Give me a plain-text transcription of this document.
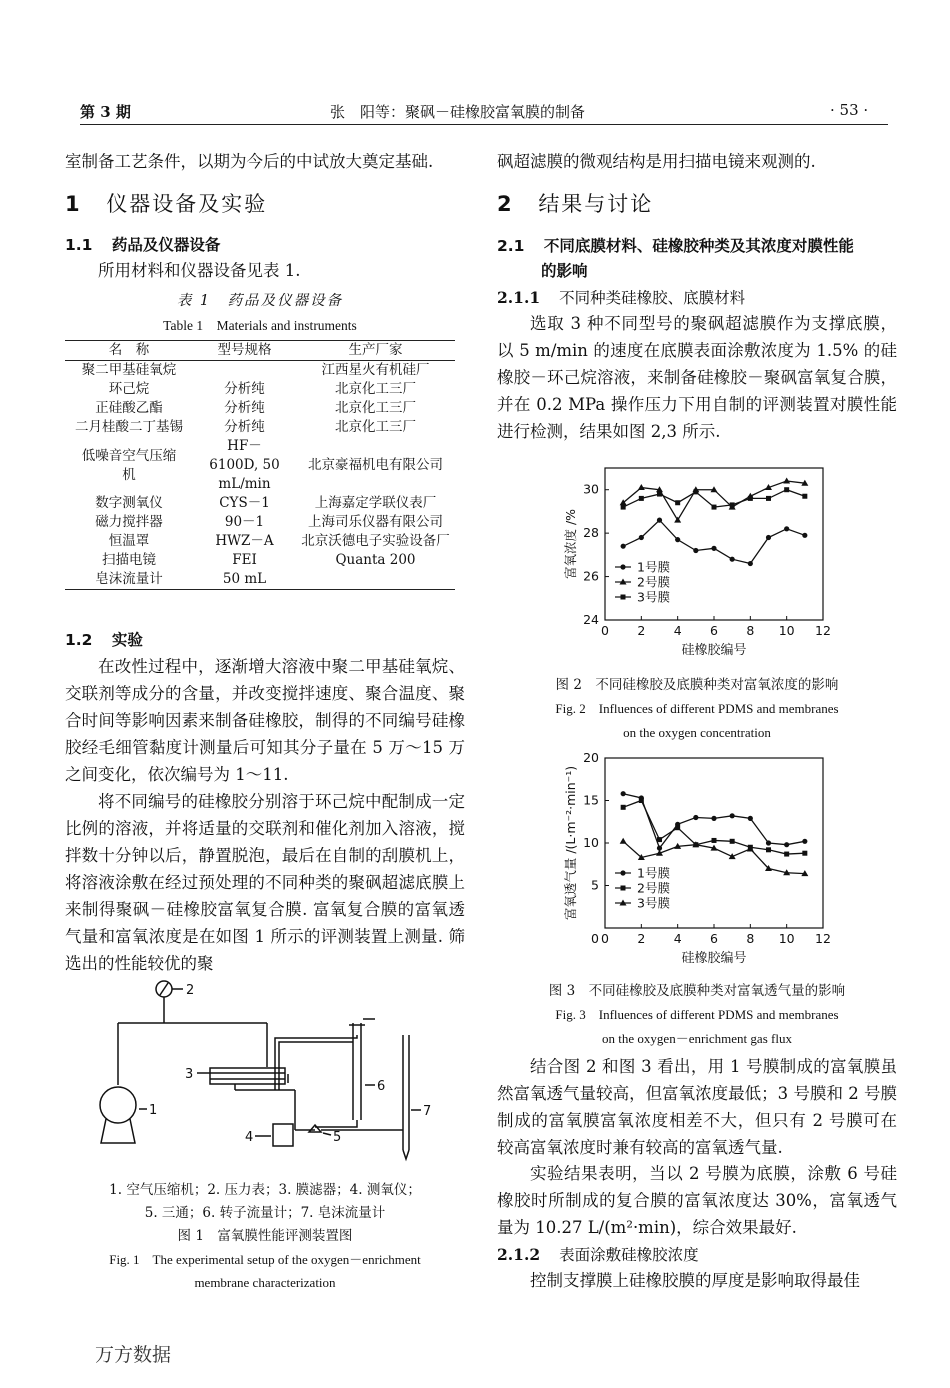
第 3 期	张　阳等：聚砜－硅橡胶富氧膜的制备	· 53 ·
室制备工艺条件，以期为今后的中试放大奠定基础.
1 仪器设备及实验
1.1 药品及仪器设备
所用材料和仪器设备见表 1.
表 1　药品及仪器设备
Table 1　Materials and instruments
名　称	型号规格	生产厂家
聚二甲基硅氧烷		江西星火有机硅厂
环己烷	分析纯	北京化工三厂
正硅酸乙酯	分析纯	北京化工三厂
二月桂酸二丁基锡	分析纯	北京化工三厂
低噪音空气压缩机	HF－6100D, 50 mL/min	北京豪福机电有限公司
数字测氧仪	CYS－1	上海嘉定学联仪表厂
磁力搅拌器	90－1	上海司乐仪器有限公司
恒温罩	HWZ－A	北京沃德电子实验设备厂
扫描电镜	FEI	Quanta 200
皂沫流量计	50 mL	
1.2 实验
在改性过程中，逐渐增大溶液中聚二甲基硅氧烷、交联剂等成分的含量，并改变搅拌速度、聚合温度、聚合时间等影响因素来制备硅橡胶，制得的不同编号硅橡胶经毛细管黏度计测量后可知其分子量在 5 万～15 万之间变化，依次编号为 1～11.
将不同编号的硅橡胶分别溶于环己烷中配制成一定比例的溶液，并将适量的交联剂和催化剂加入溶液，搅拌数十分钟以后，静置脱泡，最后在自制的刮膜机上，将溶液涂敷在经过预处理的不同种类的聚砜超滤底膜上来制得聚砜－硅橡胶富氧复合膜. 富氧复合膜的富氧透气量和富氧浓度是在如图 1 所示的评测装置上测量. 筛选出的性能较优的聚
1
2
3
4	5
6
7
1. 空气压缩机；2. 压力表；3. 膜滤器；4. 测氧仪；
5. 三通；6. 转子流量计；7. 皂沫流量计
图 1　富氧膜性能评测装置图
Fig. 1　The experimental setup of the oxygen－enrichment
membrane characterization
万方数据
砜超滤膜的微观结构是用扫描电镜来观测的.
2 结果与讨论
2.1 不同底膜材料、硅橡胶种类及其浓度对膜性能
的影响
2.1.1 不同种类硅橡胶、底膜材料
选取 3 种不同型号的聚砜超滤膜作为支撑底膜，以 5 m/min 的速度在底膜表面涂敷浓度为 1.5% 的硅橡胶－环己烷溶液，来制备硅橡胶－聚砜富氧复合膜，并在 0.2 MPa 操作压力下用自制的评测装置对膜性能进行检测，结果如图 2,3 所示.
0 2 4 6 8 10 12
24
26
28
30
硅橡胶编号
富氧浓度 /%	1号膜
2号膜
3号膜
图 2　不同硅橡胶及底膜种类对富氧浓度的影响
Fig. 2　Influences of different PDMS and membranes
on the oxygen concentration
0 2 4 6 8 10 12
5
10
15
20
0
硅橡胶编号
富氧透气量 /(L·m⁻²·min⁻¹)	1号膜
2号膜
3号膜
图 3　不同硅橡胶及底膜种类对富氧透气量的影响
Fig. 3　Influences of different PDMS and membranes
on the oxygen－enrichment gas flux
结合图 2 和图 3 看出，用 1 号膜制成的富氧膜虽然富氧透气量较高，但富氧浓度最低；3 号膜和 2 号膜制成的富氧膜富氧浓度相差不大，但只有 2 号膜可在较高富氧浓度时兼有较高的富氧透气量.
实验结果表明，当以 2 号膜为底膜，涂敷 6 号硅橡胶时所制成的复合膜的富氧浓度达 30%，富氧透气量为 10.27 L/(m²·min)，综合效果最好.
2.1.2 表面涂敷硅橡胶浓度
控制支撑膜上硅橡胶膜的厚度是影响取得最佳
